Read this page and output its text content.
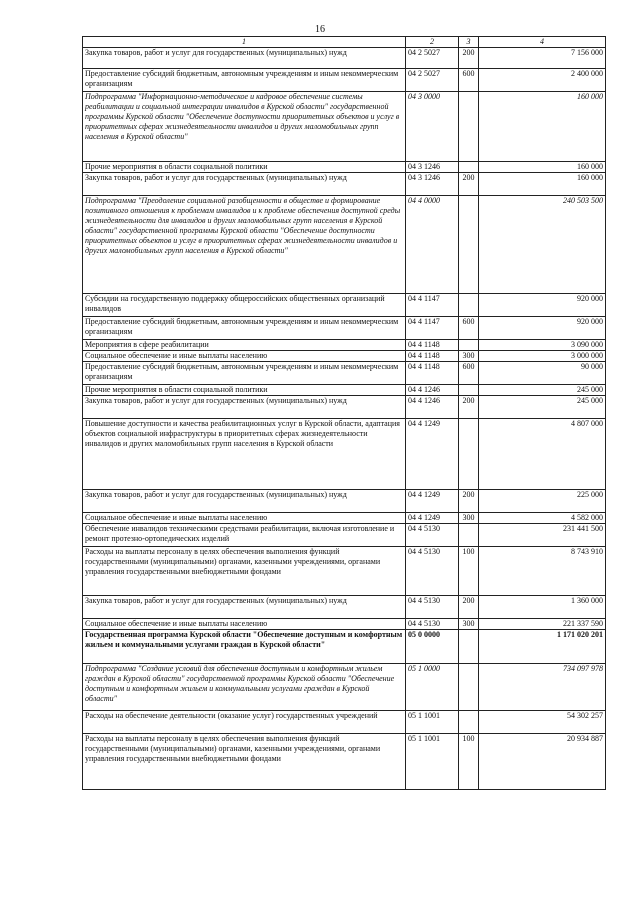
16
1	2	3	4
Закупка товаров, работ и услуг для государственных (муниципальных) нужд	04 2 5027	200	7 156 000
Предоставление субсидий бюджетным, автономным учреждениям и иным некоммерческим организациям	04 2 5027	600	2 400 000
Подпрограмма "Информационно-методическое и кадровое обеспечение системы реабилитации и социальной интеграции инвалидов в Курской области" государственной программы Курской области "Обеспечение доступности приоритетных объектов и услуг в приоритетных сферах жизнедеятельности инвалидов и других маломобильных групп населения в Курской области"	04 3 0000		160 000
Прочие мероприятия в области социальной политики	04 3 1246		160 000
Закупка товаров, работ и услуг для государственных (муниципальных) нужд	04 3 1246	200	160 000
Подпрограмма "Преодоление социальной разобщенности в обществе и формирование позитивного отношения к проблемам инвалидов и к проблеме обеспечения доступной среды жизнедеятельности для инвалидов и других маломобильных групп населения в Курской области" государственной программы Курской области "Обеспечение доступности приоритетных объектов и услуг в приоритетных сферах жизнедеятельности инвалидов и других маломобильных групп населения в Курской области"	04 4 0000		240 503 500
Субсидии на государственную поддержку общероссийских общественных организаций инвалидов	04 4 1147		920 000
Предоставление субсидий бюджетным, автономным учреждениям и иным некоммерческим организациям	04 4 1147	600	920 000
Мероприятия в сфере реабилитации	04 4 1148		3 090 000
Социальное обеспечение и иные выплаты населению	04 4 1148	300	3 000 000
Предоставление субсидий бюджетным, автономным учреждениям и иным некоммерческим организациям	04 4 1148	600	90 000
Прочие мероприятия в области социальной политики	04 4 1246		245 000
Закупка товаров, работ и услуг для государственных (муниципальных) нужд	04 4 1246	200	245 000
Повышение доступности и качества реабилитационных услуг в Курской области, адаптация объектов социальной инфраструктуры в приоритетных сферах жизнедеятельности инвалидов и других маломобильных групп населения в Курской области	04 4 1249		4 807 000
Закупка товаров, работ и услуг для государственных (муниципальных) нужд	04 4 1249	200	225 000
Социальное обеспечение и иные выплаты населению	04 4 1249	300	4 582 000
Обеспечение инвалидов техническими средствами реабилитации, включая изготовление и ремонт протезно-ортопедических изделий	04 4 5130		231 441 500
Расходы на выплаты персоналу в целях обеспечения выполнения функций государственными (муниципальными) органами, казенными учреждениями, органами управления государственными внебюджетными фондами	04 4 5130	100	8 743 910
Закупка товаров, работ и услуг для государственных (муниципальных) нужд	04 4 5130	200	1 360 000
Социальное обеспечение и иные выплаты населению	04 4 5130	300	221 337 590
Государственная программа Курской области "Обеспечение доступным и комфортным жильем и коммунальными услугами граждан в Курской области"	05 0 0000		1 171 020 201
Подпрограмма "Создание условий для обеспечения доступным и комфортным жильем граждан в Курской области" государственной программы Курской области "Обеспечение доступным и комфортным жильем и коммунальными услугами граждан в Курской области"	05 1 0000		734 097 978
Расходы на обеспечение деятельности (оказание услуг) государственных учреждений	05 1 1001		54 302 257
Расходы на выплаты персоналу в целях обеспечения выполнения функций государственными (муниципальными) органами, казенными учреждениями, органами управления государственными внебюджетными фондами	05 1 1001	100	20 934 887
